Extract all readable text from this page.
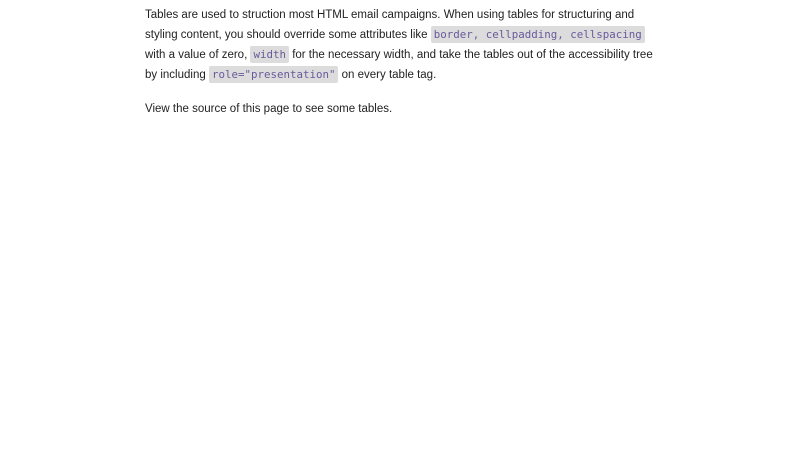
Tables are used to struction most HTML email campaigns. When using tables for structuring and styling content, you should override some attributes like border, cellpadding, cellspacing with a value of zero, width for the necessary width, and take the tables out of the accessibility tree by including role="presentation" on every table tag.

View the source of this page to see some tables.
